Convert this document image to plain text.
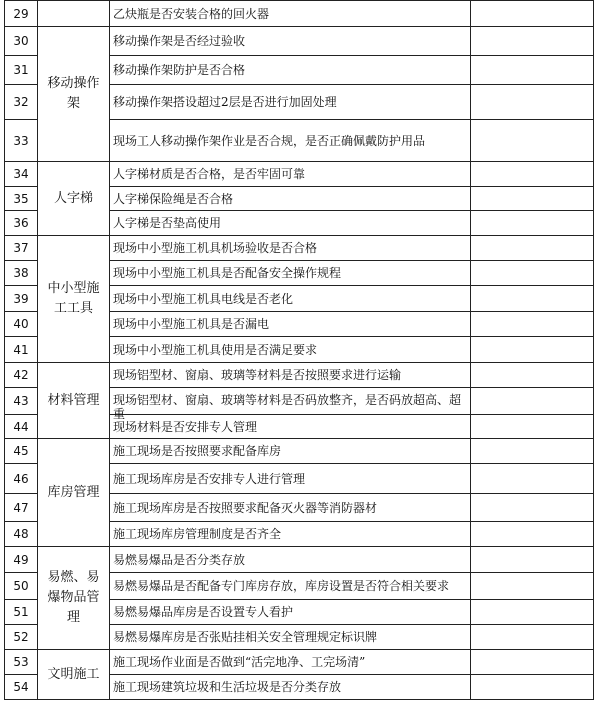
29		乙炔瓶是否安装合格的回火器	
30	移动操作架	移动操作架是否经过验收	
31		移动操作架防护是否合格	
32		移动操作架搭设超过2层是否进行加固处理	
33		现场工人移动操作架作业是否合规，是否正确佩戴防护用品	
34	人字梯	人字梯材质是否合格，是否牢固可靠	
35		人字梯保险绳是否合格	
36		人字梯是否垫高使用	
37	中小型施工工具	现场中小型施工机具机场验收是否合格	
38		现场中小型施工机具是否配备安全操作规程	
39		现场中小型施工机具电线是否老化	
40		现场中小型施工机具是否漏电	
41		现场中小型施工机具使用是否满足要求	
42	材料管理	现场铝型材、窗扇、玻璃等材料是否按照要求进行运输	
43		现场铝型材、窗扇、玻璃等材料是否码放整齐，是否码放超高、超重	

44		现场材料是否安排专人管理	
45	库房管理	施工现场是否按照要求配备库房	
46		施工现场库房是否安排专人进行管理	
47		施工现场库房是否按照要求配备灭火器等消防器材	
48		施工现场库房管理制度是否齐全	
49	易燃、易爆物品管理	易燃易爆品是否分类存放	
50		易燃易爆品是否配备专门库房存放，库房设置是否符合相关要求	
51		易燃易爆品库房是否设置专人看护	
52		易燃易爆库房是否张贴挂相关安全管理规定标识牌	
53	文明施工	施工现场作业面是否做到“活完地净、工完场清”	
54		施工现场建筑垃圾和生活垃圾是否分类存放	
